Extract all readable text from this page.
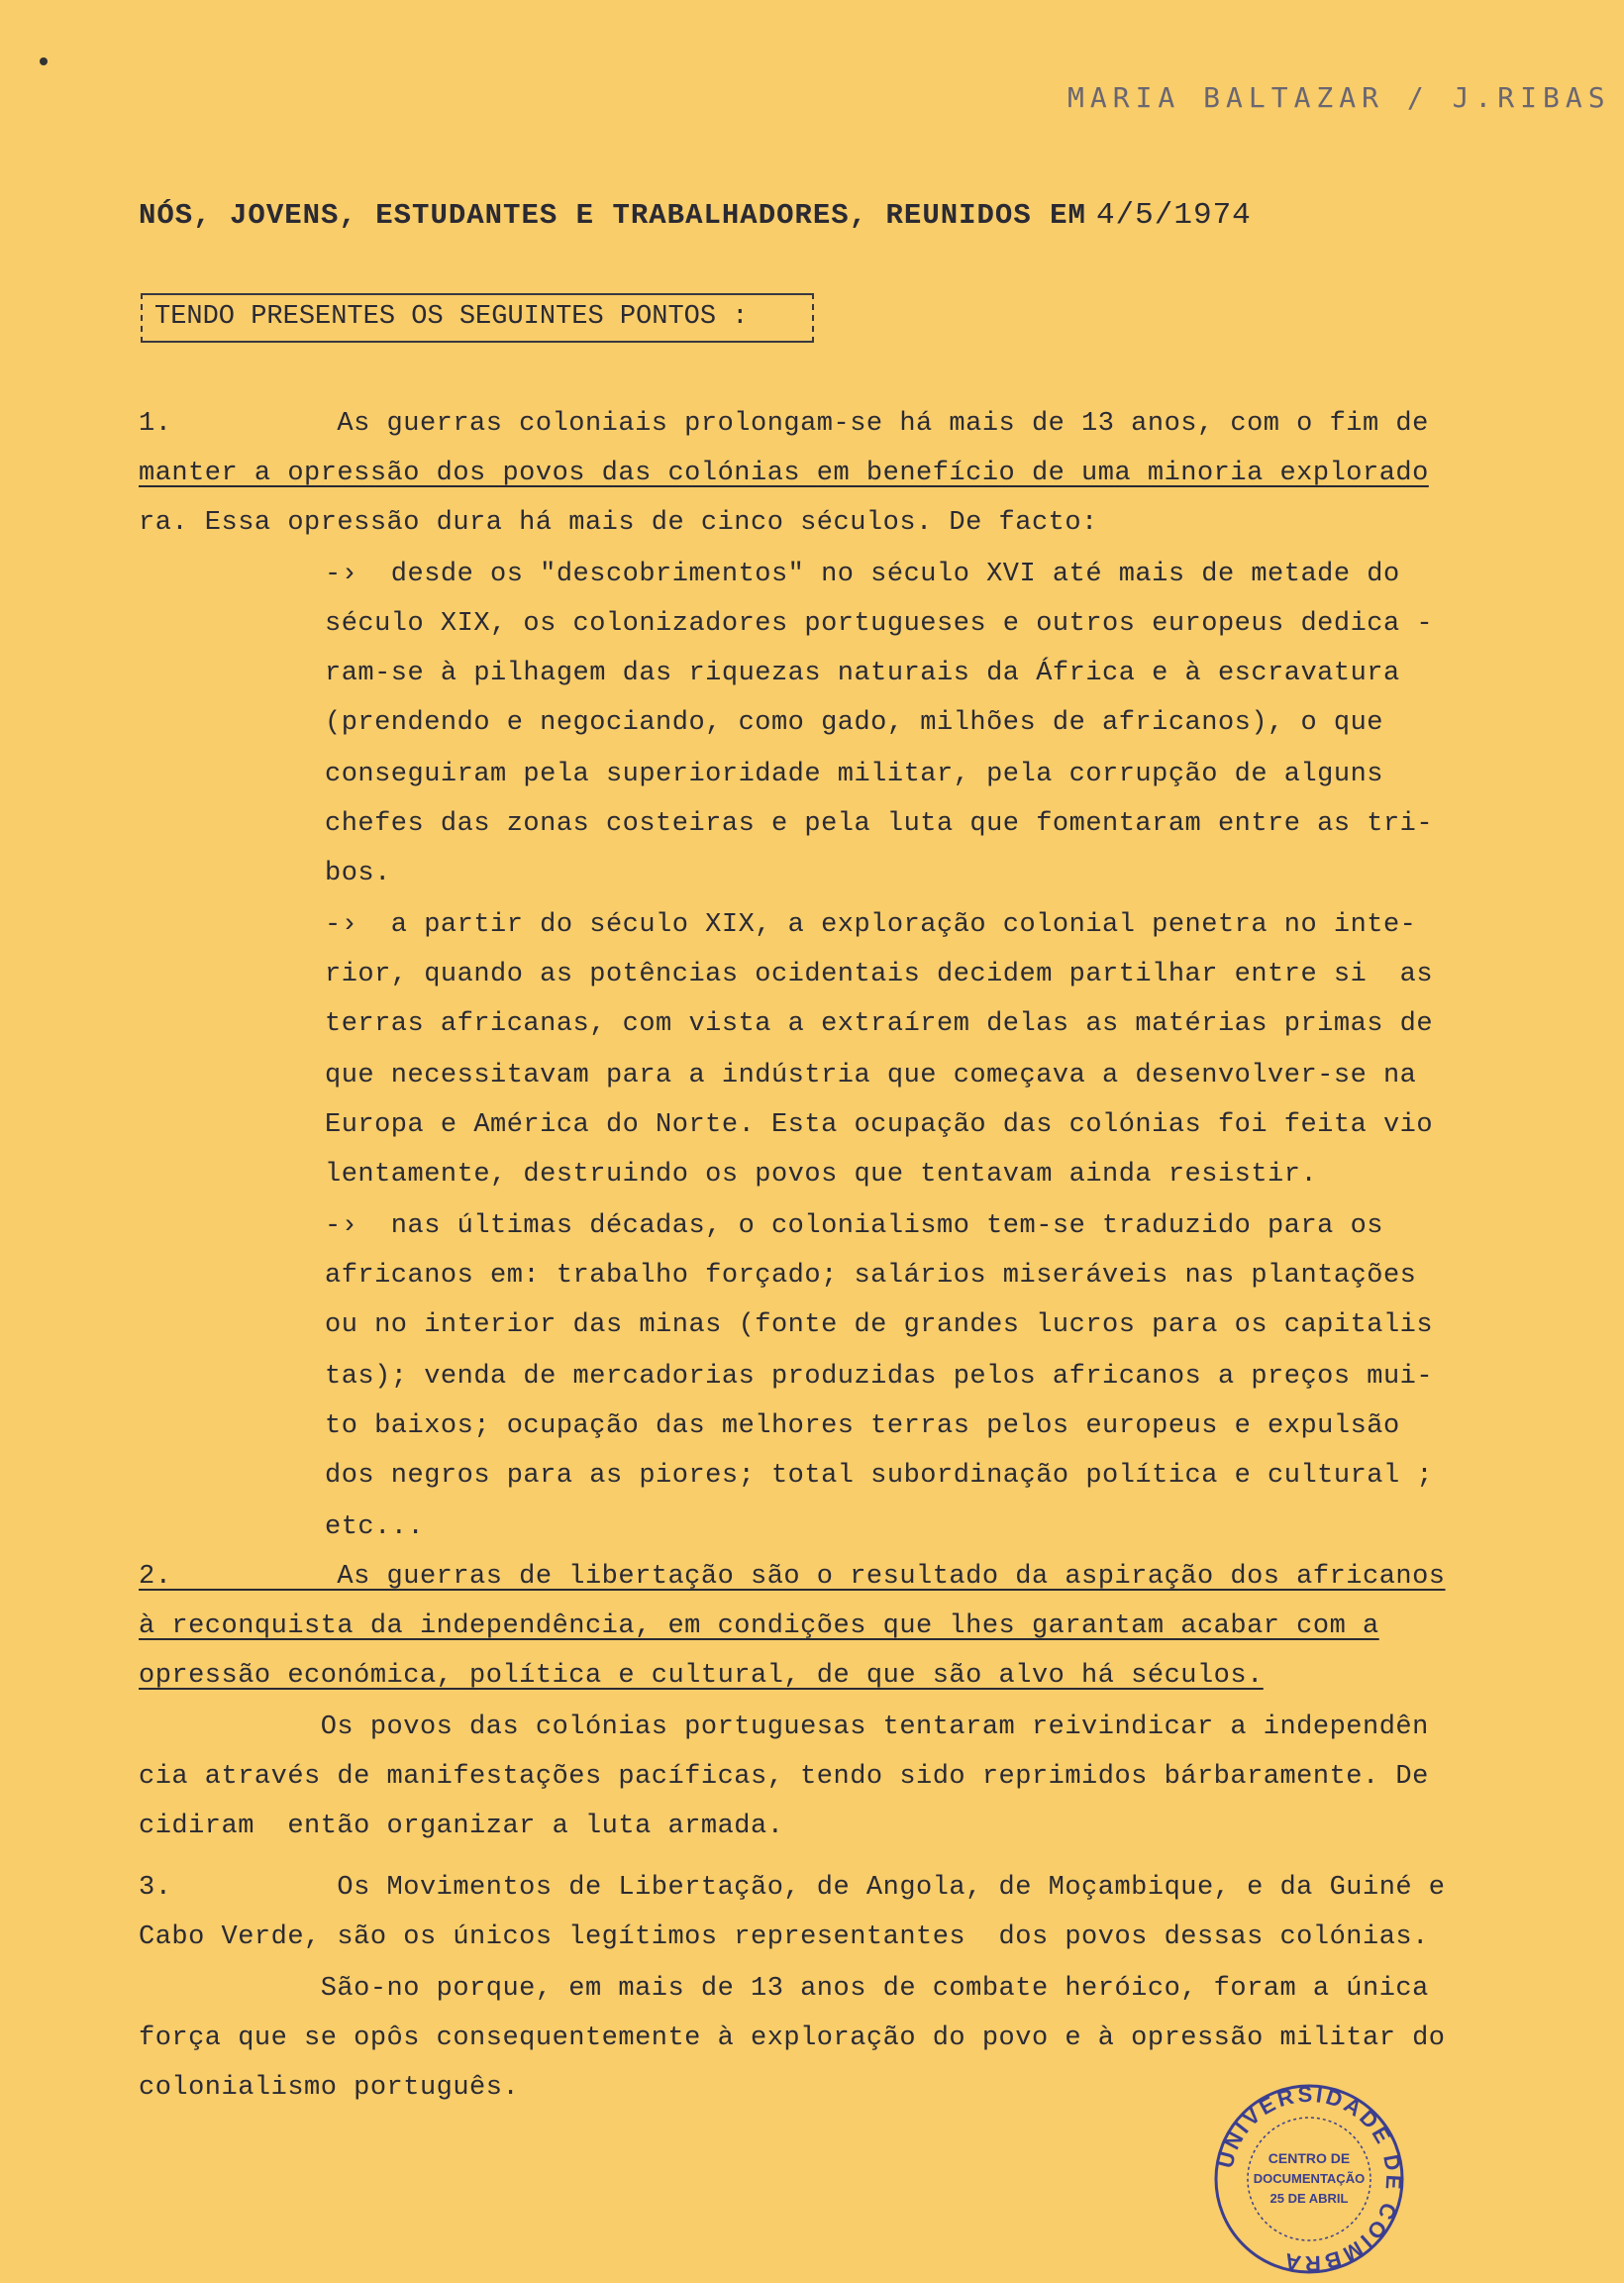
MARIA BALTAZAR / J.RIBAS
NÓS, JOVENS, ESTUDANTES E TRABALHADORES, REUNIDOS EM 4/5/1974
TENDO PRESENTES OS SEGUINTES PONTOS :
1.          As guerras coloniais prolongam-se há mais de 13 anos, com o fim de
manter a opressão dos povos das colónias em benefício de uma minoria explorado
ra. Essa opressão dura há mais de cinco séculos. De facto:
-›  desde os "descobrimentos" no século XVI até mais de metade do
século XIX, os colonizadores portugueses e outros europeus dedica -
ram-se à pilhagem das riquezas naturais da África e à escravatura
(prendendo e negociando, como gado, milhões de africanos), o que
conseguiram pela superioridade militar, pela corrupção de alguns
chefes das zonas costeiras e pela luta que fomentaram entre as tri-
bos.
-›  a partir do século XIX, a exploração colonial penetra no inte-
rior, quando as potências ocidentais decidem partilhar entre si  as
terras africanas, com vista a extraírem delas as matérias primas de
que necessitavam para a indústria que começava a desenvolver-se na
Europa e América do Norte. Esta ocupação das colónias foi feita vio
lentamente, destruindo os povos que tentavam ainda resistir.
-›  nas últimas décadas, o colonialismo tem-se traduzido para os
africanos em: trabalho forçado; salários miseráveis nas plantações
ou no interior das minas (fonte de grandes lucros para os capitalis
tas); venda de mercadorias produzidas pelos africanos a preços mui-
to baixos; ocupação das melhores terras pelos europeus e expulsão
dos negros para as piores; total subordinação política e cultural ;
etc...
2.          As guerras de libertação são o resultado da aspiração dos africanos
à reconquista da independência, em condições que lhes garantam acabar com a
opressão económica, política e cultural, de que são alvo há séculos.
Os povos das colónias portuguesas tentaram reivindicar a independên
cia através de manifestações pacíficas, tendo sido reprimidos bárbaramente. De
cidiram  então organizar a luta armada.
3.          Os Movimentos de Libertação, de Angola, de Moçambique, e da Guiné e
Cabo Verde, são os únicos legítimos representantes  dos povos dessas colónias.
São-no porque, em mais de 13 anos de combate heróico, foram a única
força que se opôs consequentemente à exploração do povo e à opressão militar do
colonialismo português.
UNIVERSIDADE DE COIMBRA
CENTRO DE
DOCUMENTAÇÃO
25 DE ABRIL
